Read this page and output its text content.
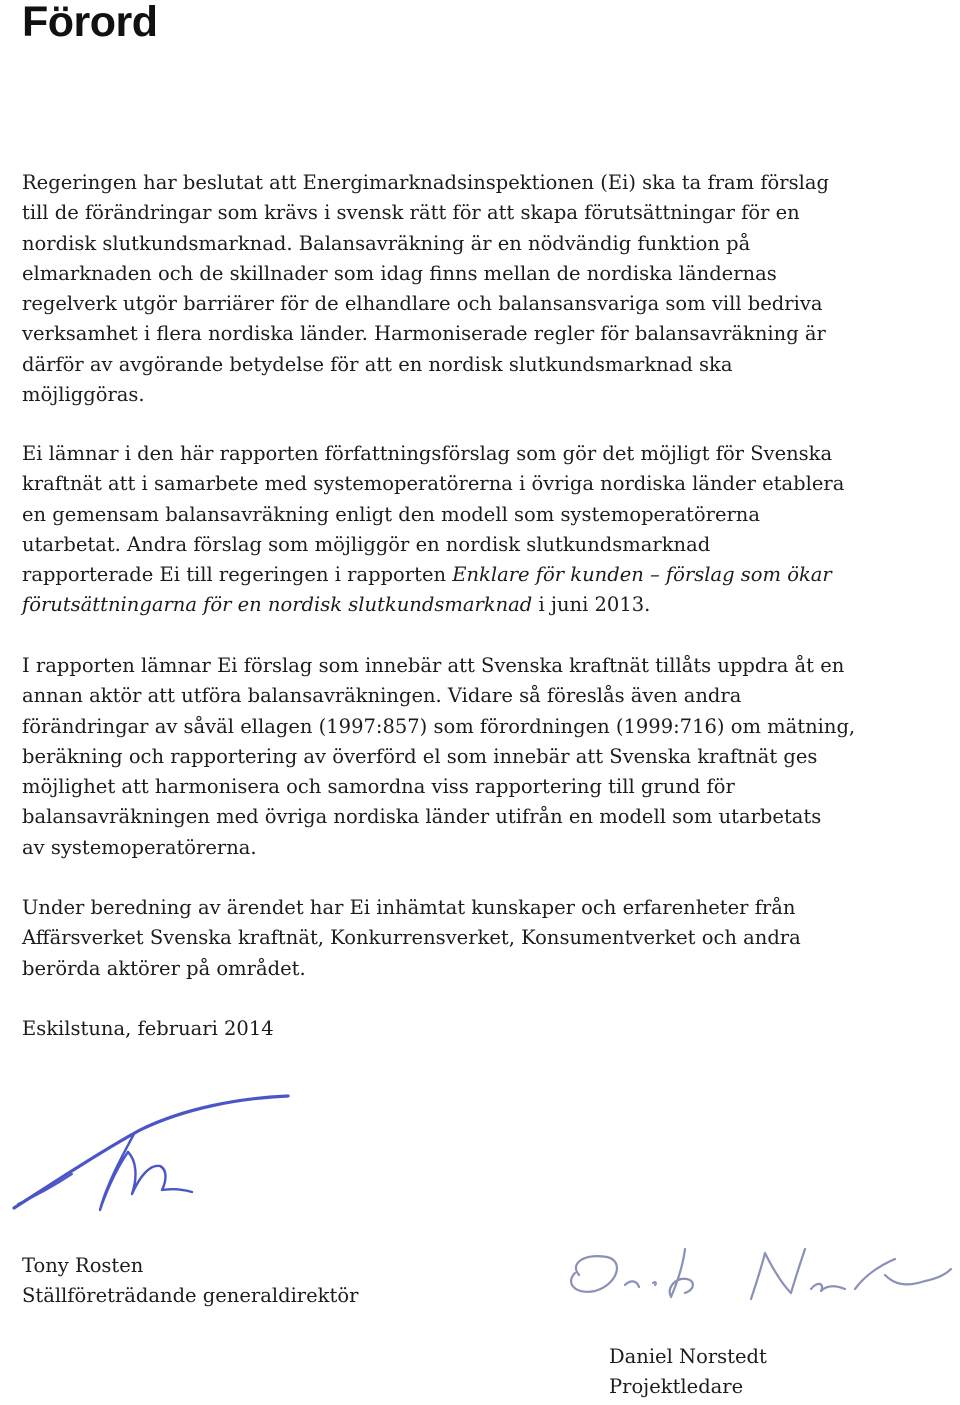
Förord

Regeringen har beslutat att Energimarknadsinspektionen (Ei) ska ta fram förslag
till de förändringar som krävs i svensk rätt för att skapa förutsättningar för en
nordisk slutkundsmarknad. Balansavräkning är en nödvändig funktion på
elmarknaden och de skillnader som idag finns mellan de nordiska ländernas
regelverk utgör barriärer för de elhandlare och balansansvariga som vill bedriva
verksamhet i flera nordiska länder. Harmoniserade regler för balansavräkning är
därför av avgörande betydelse för att en nordisk slutkundsmarknad ska
möjliggöras.

Ei lämnar i den här rapporten författningsförslag som gör det möjligt för Svenska
kraftnät att i samarbete med systemoperatörerna i övriga nordiska länder etablera
en gemensam balansavräkning enligt den modell som systemoperatörerna
utarbetat. Andra förslag som möjliggör en nordisk slutkundsmarknad
rapporterade Ei till regeringen i rapporten Enklare för kunden – förslag som ökar
förutsättningarna för en nordisk slutkundsmarknad i juni 2013.

I rapporten lämnar Ei förslag som innebär att Svenska kraftnät tillåts uppdra åt en
annan aktör att utföra balansavräkningen. Vidare så föreslås även andra
förändringar av såväl ellagen (1997:857) som förordningen (1999:716) om mätning,
beräkning och rapportering av överförd el som innebär att Svenska kraftnät ges
möjlighet att harmonisera och samordna viss rapportering till grund för
balansavräkningen med övriga nordiska länder utifrån en modell som utarbetats
av systemoperatörerna.

Under beredning av ärendet har Ei inhämtat kunskaper och erfarenheter från
Affärsverket Svenska kraftnät, Konkurrensverket, Konsumentverket och andra
berörda aktörer på området.

Eskilstuna, februari 2014

Tony Rosten
Ställföreträdande generaldirektör
Daniel Norstedt
Projektledare
